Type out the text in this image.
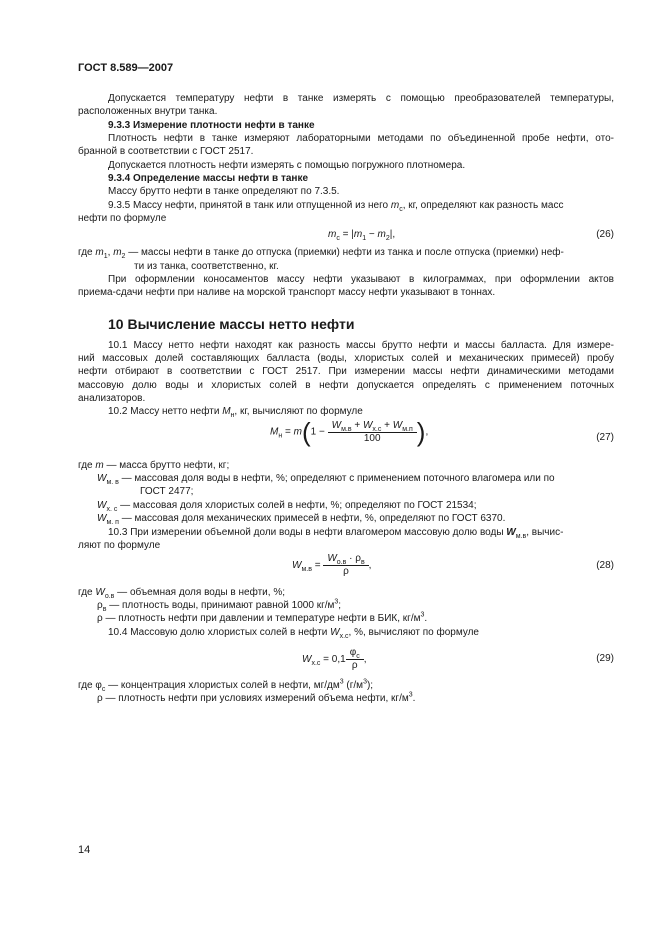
ГОСТ 8.589—2007
Допускается температуру нефти в танке измерять с помощью преобразователей температуры,
расположенных внутри танка.
9.3.3 Измерение плотности нефти в танке
Плотность нефти в танке измеряют лабораторными методами по объединенной пробе нефти, ото-
бранной в соответствии с ГОСТ 2517.
Допускается плотность нефти измерять с помощью погружного плотномера.
9.3.4 Определение массы нефти в танке
Массу брутто нефти в танке определяют по 7.3.5.
9.3.5 Массу нефти, принятой в танк или отпущенной из него $m_с$, кг, определяют как разность масс
нефти по формуле
$m_с = |m_1 - m_2|$,	(26)
где $m_1$, $m_2$ — массы нефти в танке до отпуска (приемки) нефти из танка и после отпуска (приемки) неф-
ти из танка, соответственно, кг.
При оформлении коносаментов массу нефти указывают в килограммах, при оформлении актов
приема-сдачи нефти при наливе на морской транспорт массу нефти указывают в тоннах.
10 Вычисление массы нетто нефти
10.1 Массу нетто нефти находят как разность массы брутто нефти и массы балласта. Для измере-
ний массовых долей составляющих балласта (воды, хлористых солей и механических примесей) пробу
нефти отбирают в соответствии с ГОСТ 2517. При измерении массы нефти динамическими методами
массовую долю воды и хлористых солей в нефти допускается определять с применением поточных
анализаторов.
10.2 Массу нетто нефти $M_н$, кг, вычисляют по формуле
$M_н = m(1 - \frac{W_{м.в} + W_{х.с} + W_{м.п}}{100}$ ),	(27)
где m — масса брутто нефти, кг;
$W_{м. в}$ — массовая доля воды в нефти, %; определяют с применением поточного влагомера или по
ГОСТ 2477;
$W_{х. с}$ — массовая доля хлористых солей в нефти, %; определяют по ГОСТ 21534;
$W_{м. п}$ — массовая доля механических примесей в нефти, %, определяют по ГОСТ 6370.
10.3 При измерении объемной доли воды в нефти влагомером массовую долю воды $W_{м.в}$, вычис-
ляют по формуле
$W_{м.в} = \frac{W_{о.в} \cdot \rho_в}{\rho}$ ,	(28)
где $W_{о.в}$ — объемная доля воды в нефти, %;
$\rho_в$ — плотность воды, принимают равной 1000 $кг/м^3$;
ρ — плотность нефти при давлении и температуре нефти в БИК, $кг/м^3$.
10.4 Массовую долю хлористых солей в нефти $W_{х.с}$, %, вычисляют по формуле
$W_{х.с} = 0,1 \frac{\varphi_с}{\rho}$ ,	(29)
где $\varphi_с$ — концентрация хлористых солей в нефти, $мг/дм^3$ $(г/м^3)$;
ρ — плотность нефти при условиях измерений объема нефти, $кг/м^3$.
14
